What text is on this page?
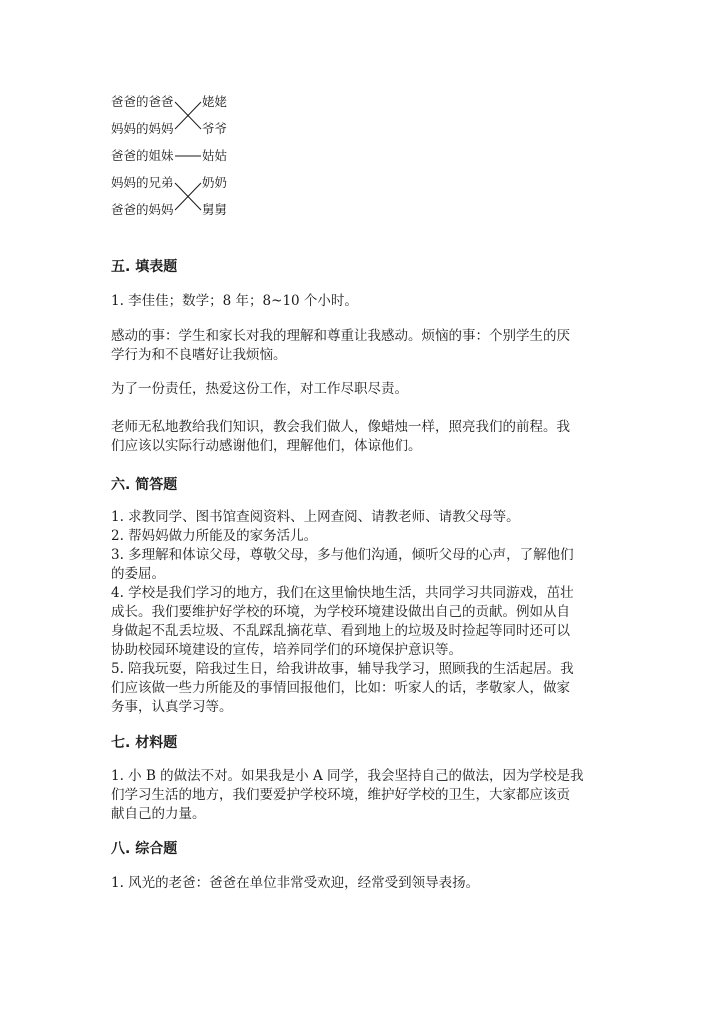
爸爸的爸爸
妈妈的妈妈
爸爸的姐妹
妈妈的兄弟
爸爸的妈妈
姥姥
爷爷
姑姑
奶奶
舅舅
五. 填表题
1. 李佳佳；数学；8 年；8~10 个小时。
感动的事：学生和家长对我的理解和尊重让我感动。烦恼的事：个别学生的厌
学行为和不良嗜好让我烦恼。
为了一份责任，热爱这份工作，对工作尽职尽责。
老师无私地教给我们知识，教会我们做人，像蜡烛一样，照亮我们的前程。我
们应该以实际行动感谢他们，理解他们，体谅他们。
六. 简答题
1. 求教同学、图书馆查阅资料、上网查阅、请教老师、请教父母等。
2. 帮妈妈做力所能及的家务活儿。
3. 多理解和体谅父母，尊敬父母，多与他们沟通，倾听父母的心声，了解他们
的委屈。
4. 学校是我们学习的地方，我们在这里愉快地生活，共同学习共同游戏，茁壮
成长。我们要维护好学校的环境，为学校环境建设做出自己的贡献。例如从自
身做起不乱丢垃圾、不乱踩乱摘花草、看到地上的垃圾及时捡起等同时还可以
协助校园环境建设的宣传，培养同学们的环境保护意识等。
5. 陪我玩耍，陪我过生日，给我讲故事，辅导我学习，照顾我的生活起居。我
们应该做一些力所能及的事情回报他们，比如：听家人的话，孝敬家人，做家
务事，认真学习等。
七. 材料题
1. 小 B 的做法不对。如果我是小 A 同学，我会坚持自己的做法，因为学校是我
们学习生活的地方，我们要爱护学校环境，维护好学校的卫生，大家都应该贡
献自己的力量。
八. 综合题
1. 风光的老爸：爸爸在单位非常受欢迎，经常受到领导表扬。
